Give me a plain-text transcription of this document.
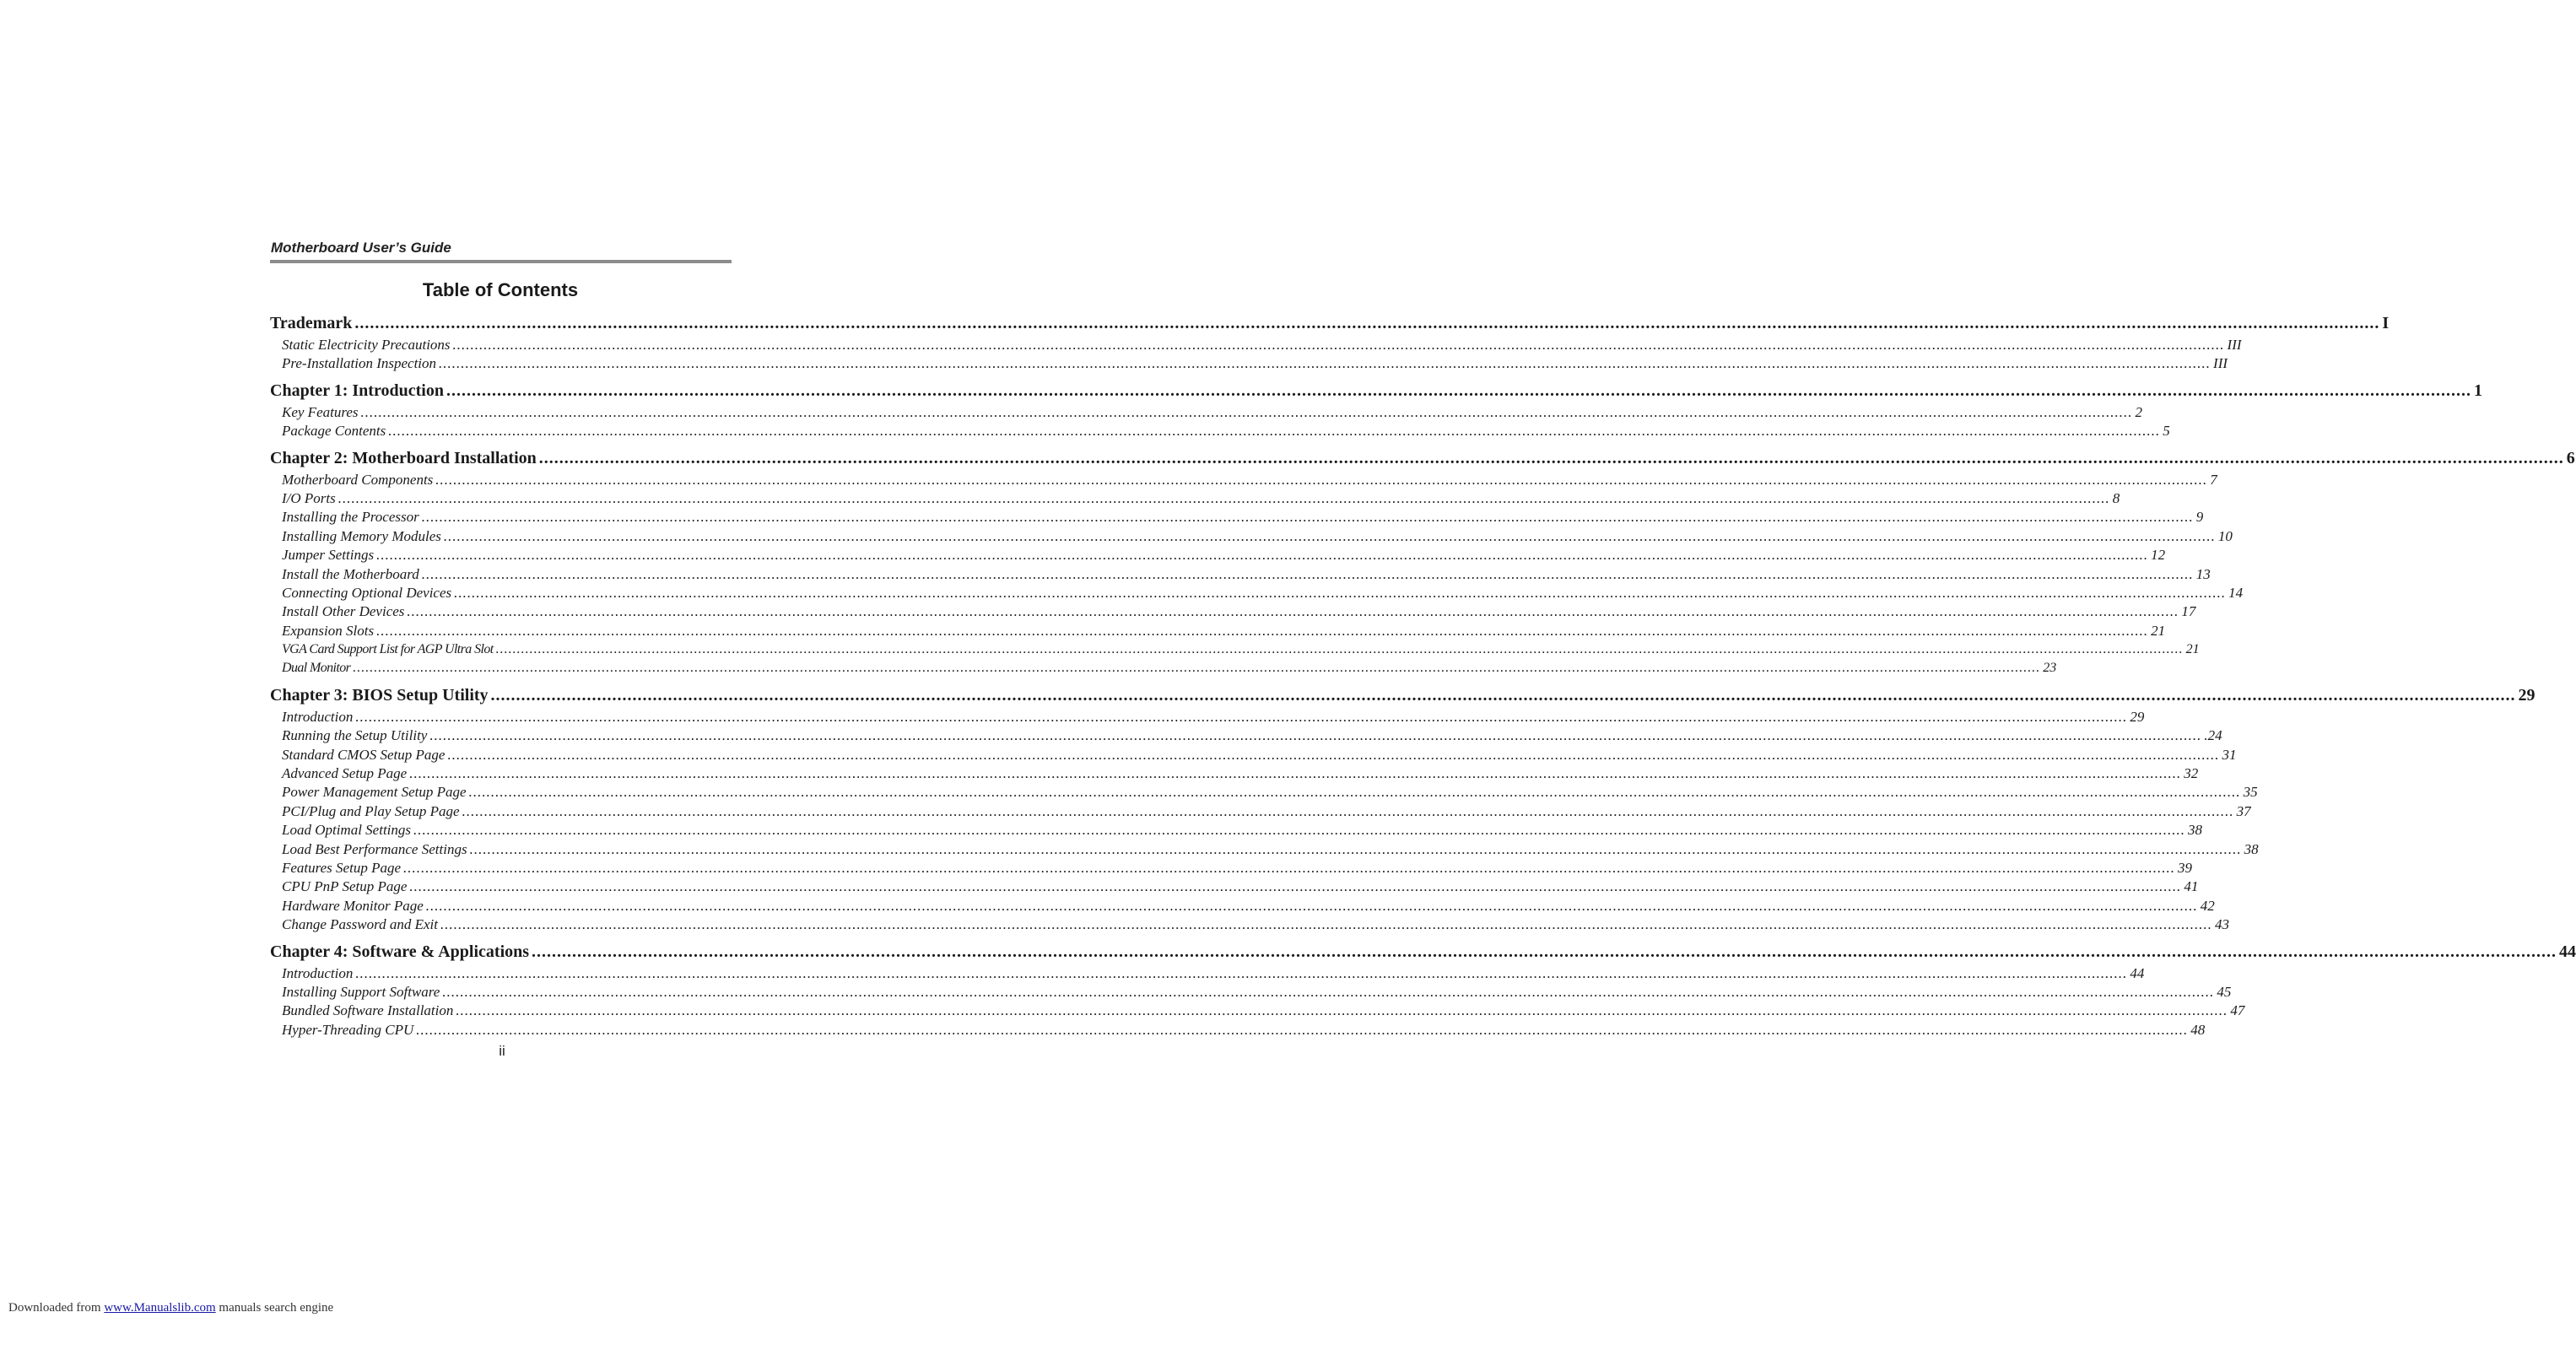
Motherboard User’s Guide
Table of Contents
Trademark ................................................................................................................................................................................................................................................................................................................................................................................................................ I
Static Electricity Precautions ................................................................................................................................................................................................................................................................................................................................................................................................................ III
Pre-Installation Inspection ................................................................................................................................................................................................................................................................................................................................................................................................................ III
Chapter 1: Introduction ................................................................................................................................................................................................................................................................................................................................................................................................................ 1
Key Features ................................................................................................................................................................................................................................................................................................................................................................................................................ 2
Package Contents ................................................................................................................................................................................................................................................................................................................................................................................................................ 5
Chapter 2: Motherboard Installation ................................................................................................................................................................................................................................................................................................................................................................................................................ 6
Motherboard Components ................................................................................................................................................................................................................................................................................................................................................................................................................ 7
I/O Ports ................................................................................................................................................................................................................................................................................................................................................................................................................ 8
Installing the Processor ................................................................................................................................................................................................................................................................................................................................................................................................................ 9
Installing Memory Modules ................................................................................................................................................................................................................................................................................................................................................................................................................ 10
Jumper Settings ................................................................................................................................................................................................................................................................................................................................................................................................................ 12
Install the Motherboard ................................................................................................................................................................................................................................................................................................................................................................................................................ 13
Connecting Optional Devices ................................................................................................................................................................................................................................................................................................................................................................................................................ 14
Install Other Devices ................................................................................................................................................................................................................................................................................................................................................................................................................ 17
Expansion Slots ................................................................................................................................................................................................................................................................................................................................................................................................................ 21
VGA Card Support List for AGP Ultra Slot ................................................................................................................................................................................................................................................................................................................................................................................................................ 21
Dual Monitor ................................................................................................................................................................................................................................................................................................................................................................................................................ 23
Chapter 3: BIOS Setup Utility ................................................................................................................................................................................................................................................................................................................................................................................................................ 29
Introduction ................................................................................................................................................................................................................................................................................................................................................................................................................ 29
Running the Setup Utility ................................................................................................................................................................................................................................................................................................................................................................................................................ .24
Standard CMOS Setup Page ................................................................................................................................................................................................................................................................................................................................................................................................................ 31
Advanced Setup Page ................................................................................................................................................................................................................................................................................................................................................................................................................ 32
Power Management Setup Page ................................................................................................................................................................................................................................................................................................................................................................................................................ 35
PCI/Plug and Play Setup Page ................................................................................................................................................................................................................................................................................................................................................................................................................ 37
Load Optimal Settings ................................................................................................................................................................................................................................................................................................................................................................................................................ 38
Load Best Performance Settings ................................................................................................................................................................................................................................................................................................................................................................................................................ 38
Features Setup Page ................................................................................................................................................................................................................................................................................................................................................................................................................ 39
CPU PnP Setup Page ................................................................................................................................................................................................................................................................................................................................................................................................................ 41
Hardware Monitor Page ................................................................................................................................................................................................................................................................................................................................................................................................................ 42
Change Password and Exit ................................................................................................................................................................................................................................................................................................................................................................................................................ 43
Chapter 4: Software & Applications ................................................................................................................................................................................................................................................................................................................................................................................................................ 44
Introduction ................................................................................................................................................................................................................................................................................................................................................................................................................ 44
Installing Support Software ................................................................................................................................................................................................................................................................................................................................................................................................................ 45
Bundled Software Installation ................................................................................................................................................................................................................................................................................................................................................................................................................ 47
Hyper-Threading CPU ................................................................................................................................................................................................................................................................................................................................................................................................................ 48
ii
Downloaded from www.Manualslib.com manuals search engine
